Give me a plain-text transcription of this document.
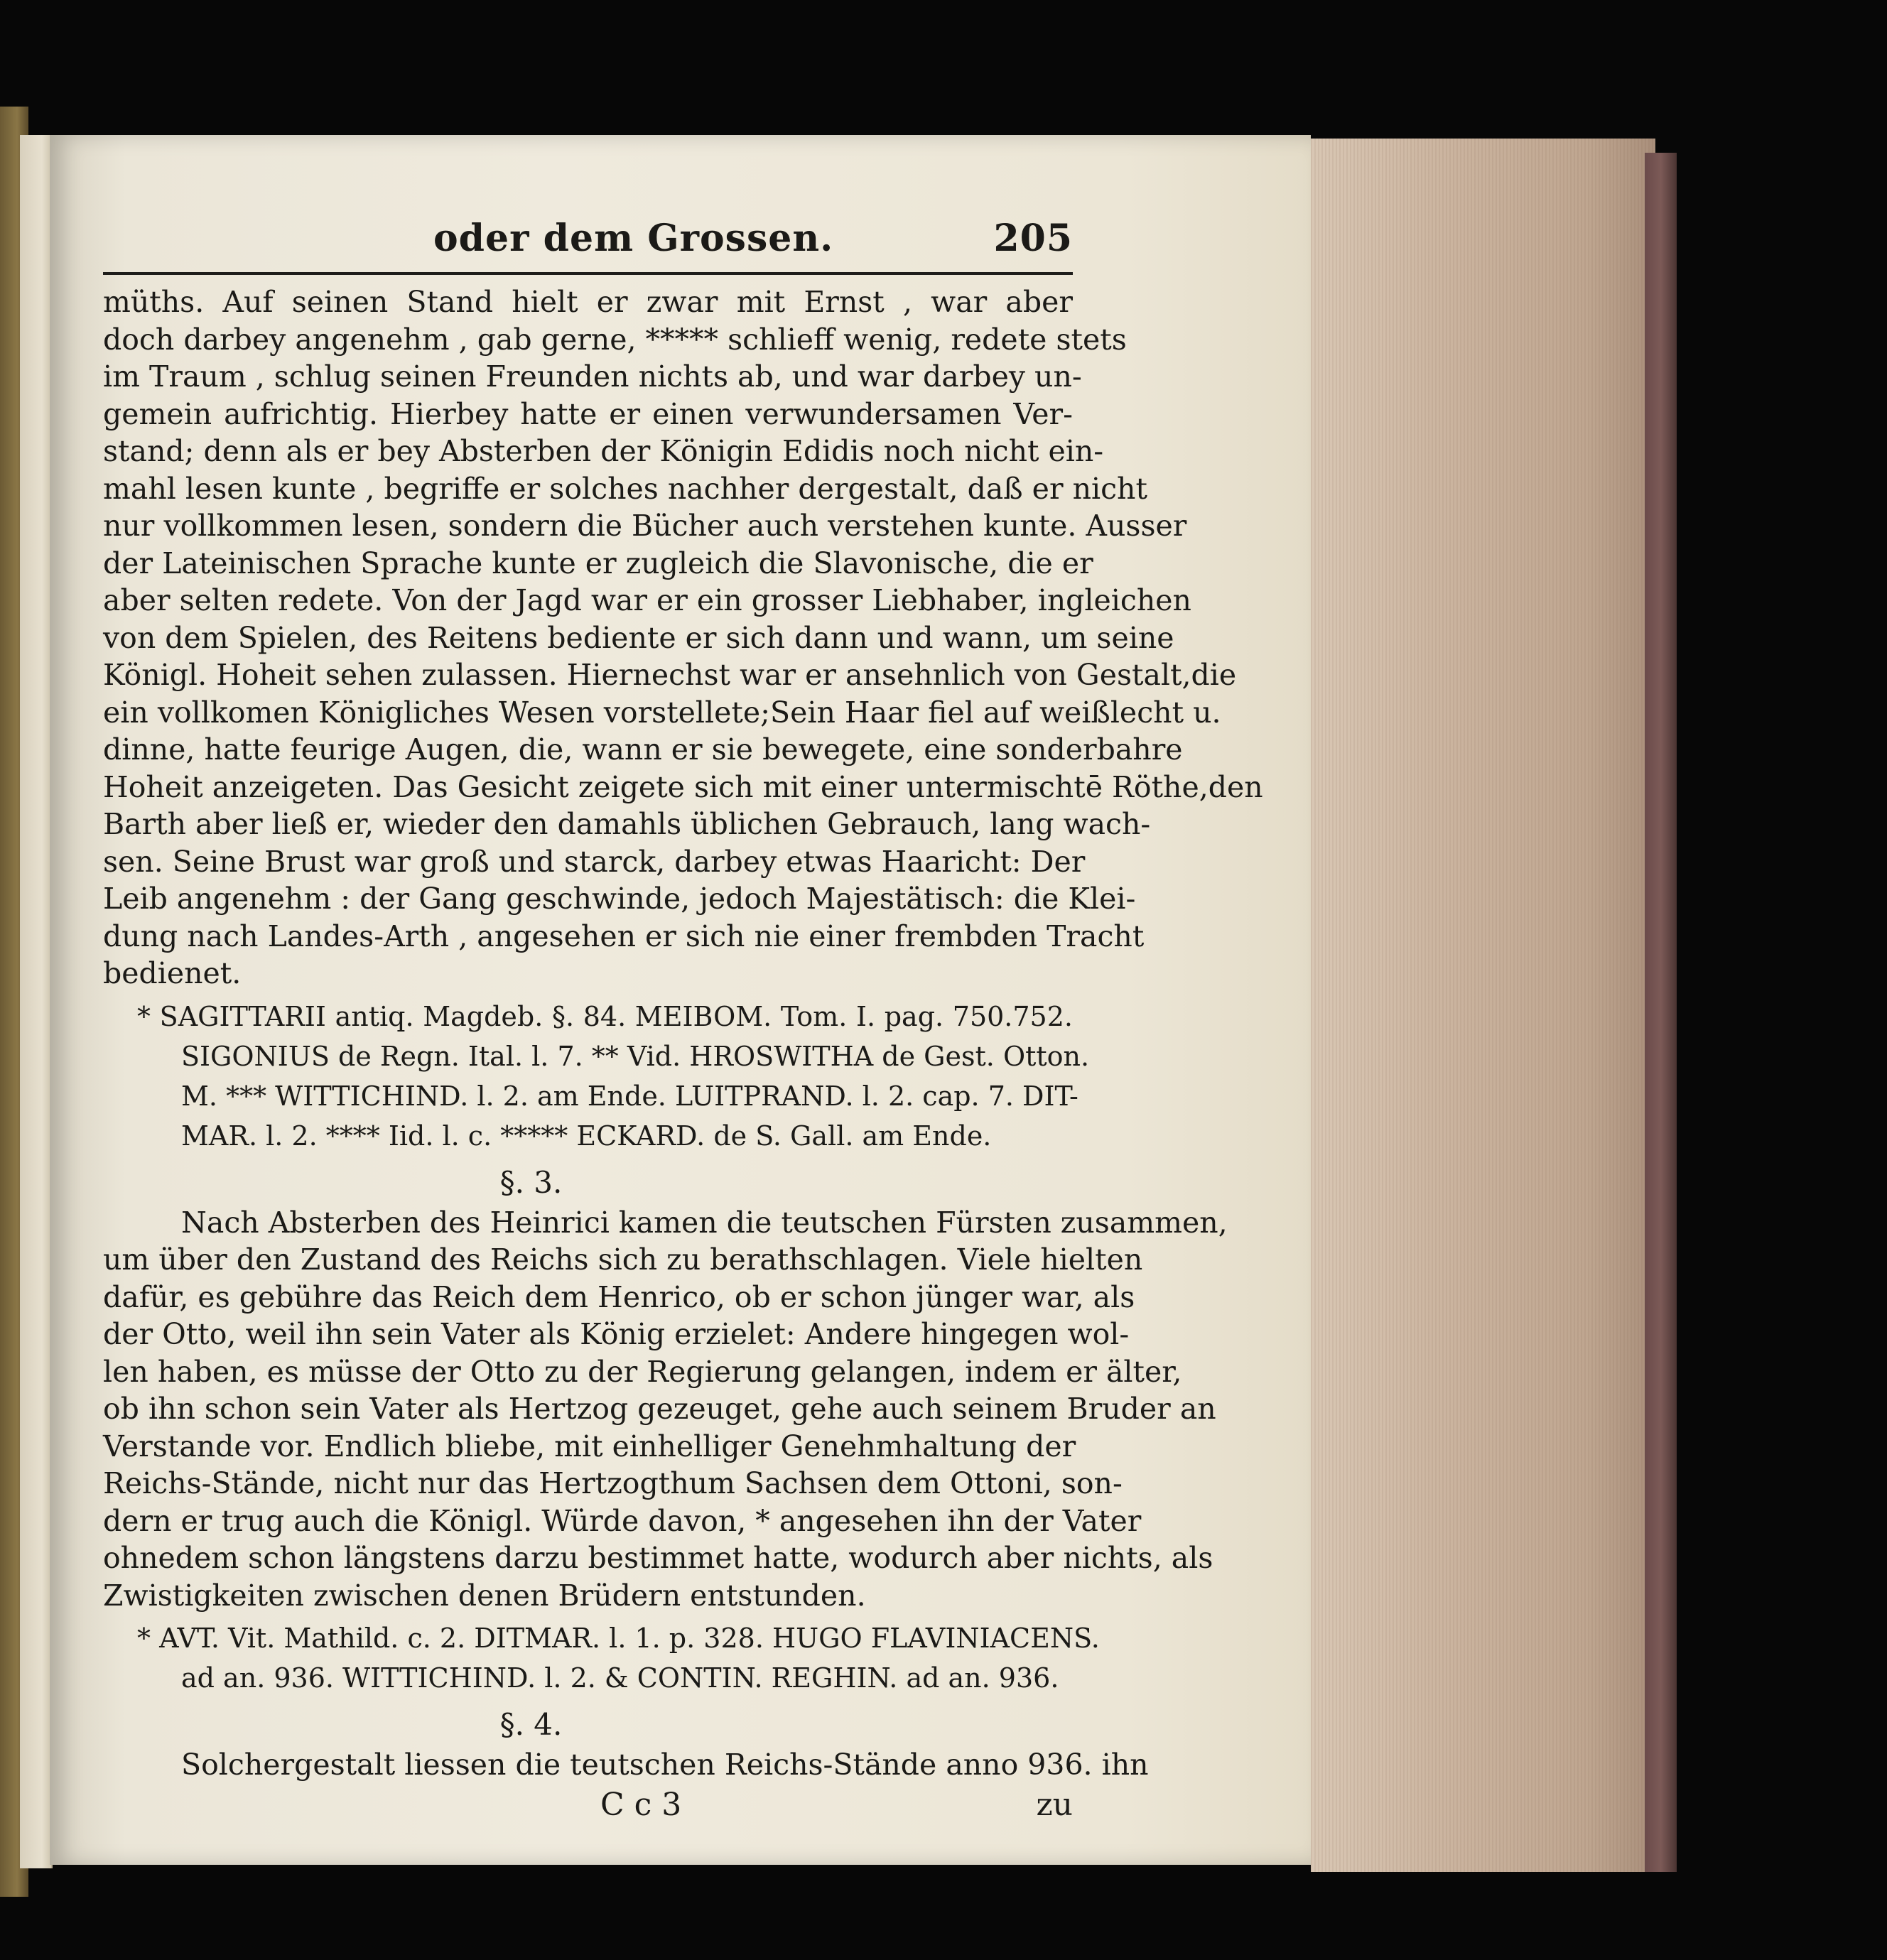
oder dem Grossen.	205
müths. Auf seinen Stand hielt er zwar mit Ernst , war aber
doch darbey angenehm , gab gerne, ***** schlieff wenig, redete stets
im Traum , schlug seinen Freunden nichts ab, und war darbey un-
gemein aufrichtig. Hierbey hatte er einen verwundersamen Ver-
stand; denn als er bey Absterben der Königin Edidis noch nicht ein-
mahl lesen kunte , begriffe er solches nachher dergestalt, daß er nicht
nur vollkommen lesen, sondern die Bücher auch verstehen kunte. Ausser
der Lateinischen Sprache kunte er zugleich die Slavonische, die er
aber selten redete. Von der Jagd war er ein grosser Liebhaber, ingleichen
von dem Spielen, des Reitens bediente er sich dann und wann, um seine
Königl. Hoheit sehen zulassen. Hiernechst war er ansehnlich von Gestalt,die
ein vollkomen Königliches Wesen vorstellete;Sein Haar fiel auf weißlecht u.
dinne, hatte feurige Augen, die, wann er sie bewegete, eine sonderbahre
Hoheit anzeigeten. Das Gesicht zeigete sich mit einer untermischtē Röthe,den
Barth aber ließ er, wieder den damahls üblichen Gebrauch, lang wach-
sen. Seine Brust war groß und starck, darbey etwas Haaricht: Der
Leib angenehm : der Gang geschwinde, jedoch Majestätisch: die Klei-
dung nach Landes-Arth , angesehen er sich nie einer frembden Tracht
bedienet.
* SAGITTARII antiq. Magdeb. §. 84. MEIBOM. Tom. I. pag. 750.752.
SIGONIUS de Regn. Ital. l. 7. ** Vid. HROSWITHA de Gest. Otton.
M. *** WITTICHIND. l. 2. am Ende. LUITPRAND. l. 2. cap. 7. DIT-
MAR. l. 2. **** Iid. l. c. ***** ECKARD. de S. Gall. am Ende.
§. 3.
Nach Absterben des Heinrici kamen die teutschen Fürsten zusammen,
um über den Zustand des Reichs sich zu berathschlagen. Viele hielten
dafür, es gebühre das Reich dem Henrico, ob er schon jünger war, als
der Otto, weil ihn sein Vater als König erzielet: Andere hingegen wol-
len haben, es müsse der Otto zu der Regierung gelangen, indem er älter,
ob ihn schon sein Vater als Hertzog gezeuget, gehe auch seinem Bruder an
Verstande vor. Endlich bliebe, mit einhelliger Genehmhaltung der
Reichs-Stände, nicht nur das Hertzogthum Sachsen dem Ottoni, son-
dern er trug auch die Königl. Würde davon, * angesehen ihn der Vater
ohnedem schon längstens darzu bestimmet hatte, wodurch aber nichts, als
Zwistigkeiten zwischen denen Brüdern entstunden.
* AVT. Vit. Mathild. c. 2. DITMAR. l. 1. p. 328. HUGO FLAVINIACENS.
ad an. 936. WITTICHIND. l. 2. & CONTIN. REGHIN. ad an. 936.
§. 4.
Solchergestalt liessen die teutschen Reichs-Stände anno 936. ihn
C c 3	zu
